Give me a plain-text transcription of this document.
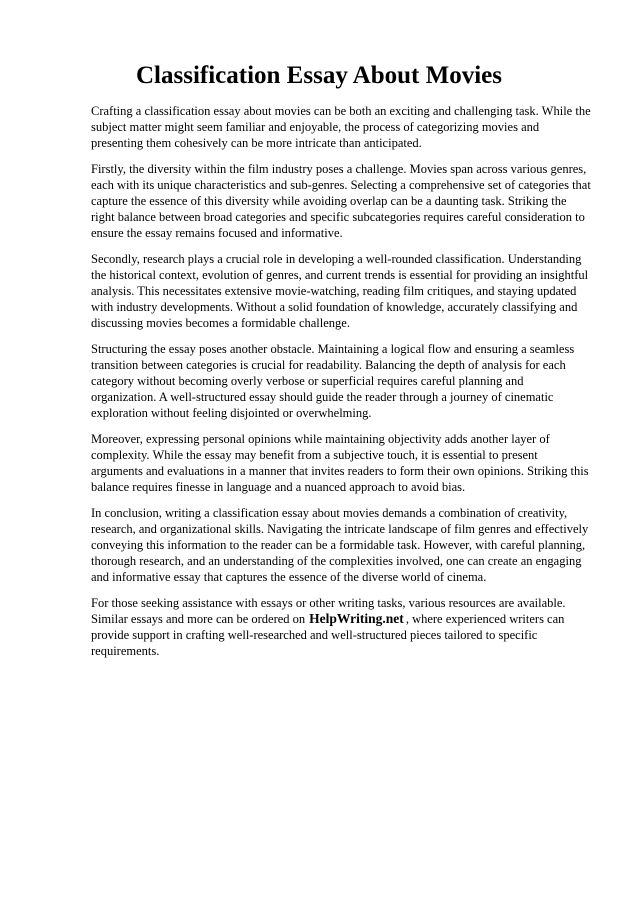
Classification Essay About Movies

Crafting a classification essay about movies can be both an exciting and challenging task. While the subject matter might seem familiar and enjoyable, the process of categorizing movies and presenting them cohesively can be more intricate than anticipated.

Firstly, the diversity within the film industry poses a challenge. Movies span across various genres, each with its unique characteristics and sub-genres. Selecting a comprehensive set of categories that capture the essence of this diversity while avoiding overlap can be a daunting task. Striking the right balance between broad categories and specific subcategories requires careful consideration to ensure the essay remains focused and informative.

Secondly, research plays a crucial role in developing a well-rounded classification. Understanding the historical context, evolution of genres, and current trends is essential for providing an insightful analysis. This necessitates extensive movie-watching, reading film critiques, and staying updated with industry developments. Without a solid foundation of knowledge, accurately classifying and discussing movies becomes a formidable challenge.

Structuring the essay poses another obstacle. Maintaining a logical flow and ensuring a seamless transition between categories is crucial for readability. Balancing the depth of analysis for each category without becoming overly verbose or superficial requires careful planning and organization. A well-structured essay should guide the reader through a journey of cinematic exploration without feeling disjointed or overwhelming.

Moreover, expressing personal opinions while maintaining objectivity adds another layer of complexity. While the essay may benefit from a subjective touch, it is essential to present arguments and evaluations in a manner that invites readers to form their own opinions. Striking this balance requires finesse in language and a nuanced approach to avoid bias.

In conclusion, writing a classification essay about movies demands a combination of creativity, research, and organizational skills. Navigating the intricate landscape of film genres and effectively conveying this information to the reader can be a formidable task. However, with careful planning, thorough research, and an understanding of the complexities involved, one can create an engaging and informative essay that captures the essence of the diverse world of cinema.

For those seeking assistance with essays or other writing tasks, various resources are available. Similar essays and more can be ordered on HelpWriting.net , where experienced writers can provide support in crafting well-researched and well-structured pieces tailored to specific requirements.
